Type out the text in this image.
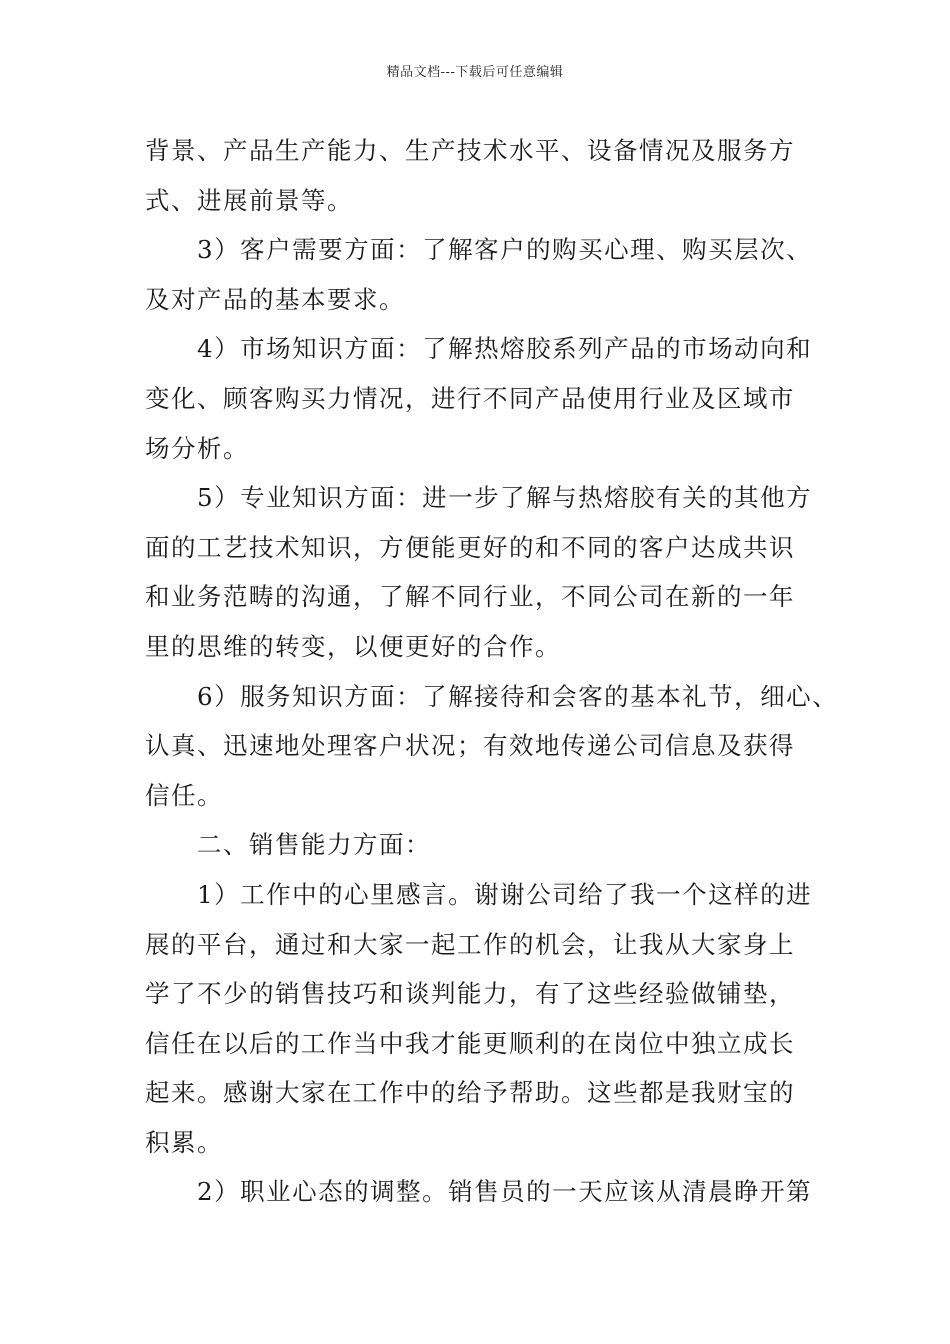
精品文档---下载后可任意编辑
背景、产品生产能力、生产技术水平、设备情况及服务方
式、进展前景等。
3）客户需要方面：了解客户的购买心理、购买层次、
及对产品的基本要求。
4）市场知识方面：了解热熔胶系列产品的市场动向和
变化、顾客购买力情况，进行不同产品使用行业及区域市
场分析。
5）专业知识方面：进一步了解与热熔胶有关的其他方
面的工艺技术知识，方便能更好的和不同的客户达成共识
和业务范畴的沟通，了解不同行业，不同公司在新的一年
里的思维的转变，以便更好的合作。
6）服务知识方面：了解接待和会客的基本礼节，细心、
认真、迅速地处理客户状况；有效地传递公司信息及获得
信任。
二、销售能力方面：
1）工作中的心里感言。谢谢公司给了我一个这样的进
展的平台，通过和大家一起工作的机会，让我从大家身上
学了不少的销售技巧和谈判能力，有了这些经验做铺垫，
信任在以后的工作当中我才能更顺利的在岗位中独立成长
起来。感谢大家在工作中的给予帮助。这些都是我财宝的
积累。
2）职业心态的调整。销售员的一天应该从清晨睁开第
